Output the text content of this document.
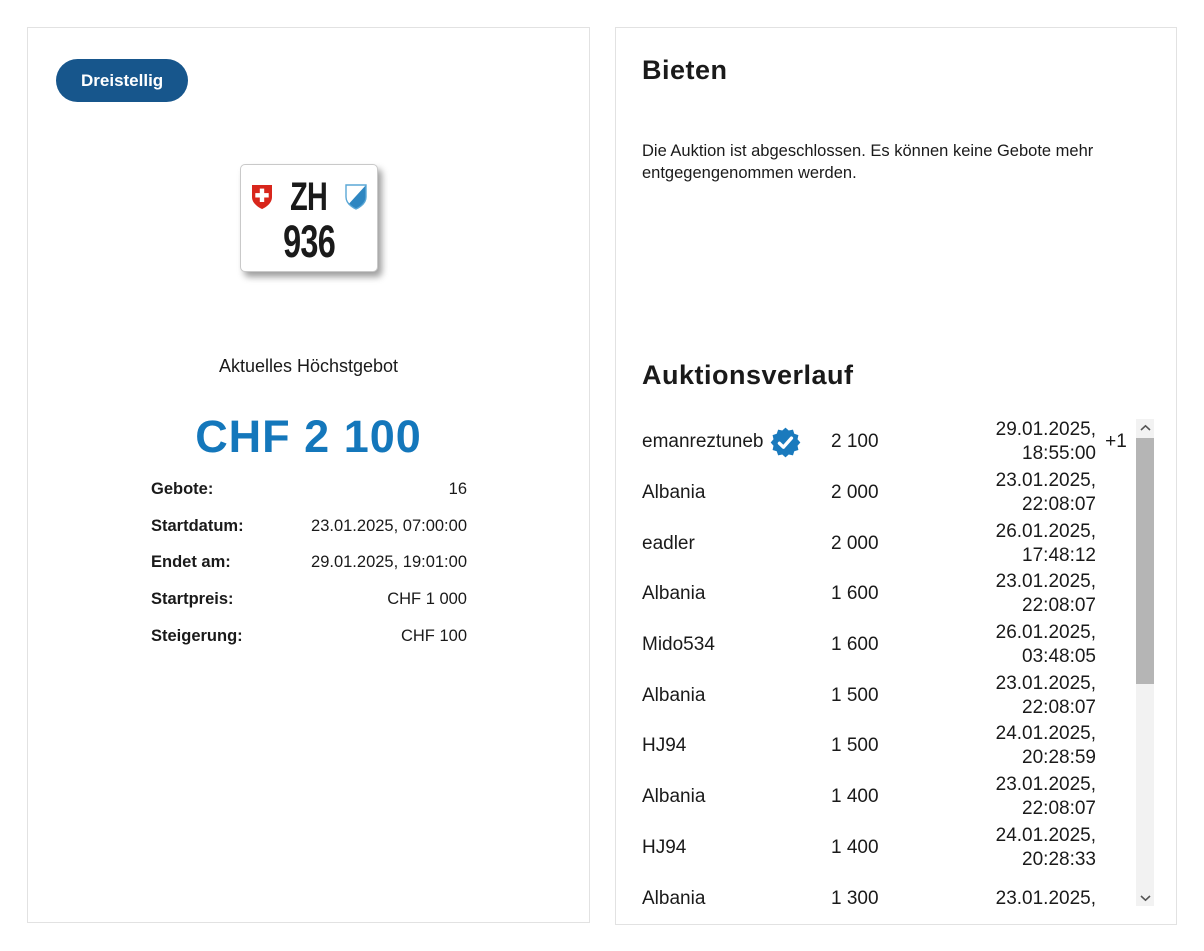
Dreistellig
ZH
936
Aktuelles Höchstgebot
CHF 2 100
Gebote:	16
Startdatum:	23.01.2025, 07:00:00
Endet am:	29.01.2025, 19:01:00
Startpreis:	CHF 1 000
Steigerung:	CHF 100
Bieten
Die Auktion ist abgeschlossen. Es können keine Gebote mehr entgegengenommen werden.
Auktionsverlauf
emanreztuneb	2 100
29.01.2025,
18:55:00
+1
Albania	2 000
23.01.2025,
22:08:07
eadler	2 000
26.01.2025,
17:48:12
Albania	1 600
23.01.2025,
22:08:07
Mido534	1 600
26.01.2025,
03:48:05
Albania	1 500
23.01.2025,
22:08:07
HJ94	1 500
24.01.2025,
20:28:59
Albania	1 400
23.01.2025,
22:08:07
HJ94	1 400
24.01.2025,
20:28:33
Albania	1 300	23.01.2025,
